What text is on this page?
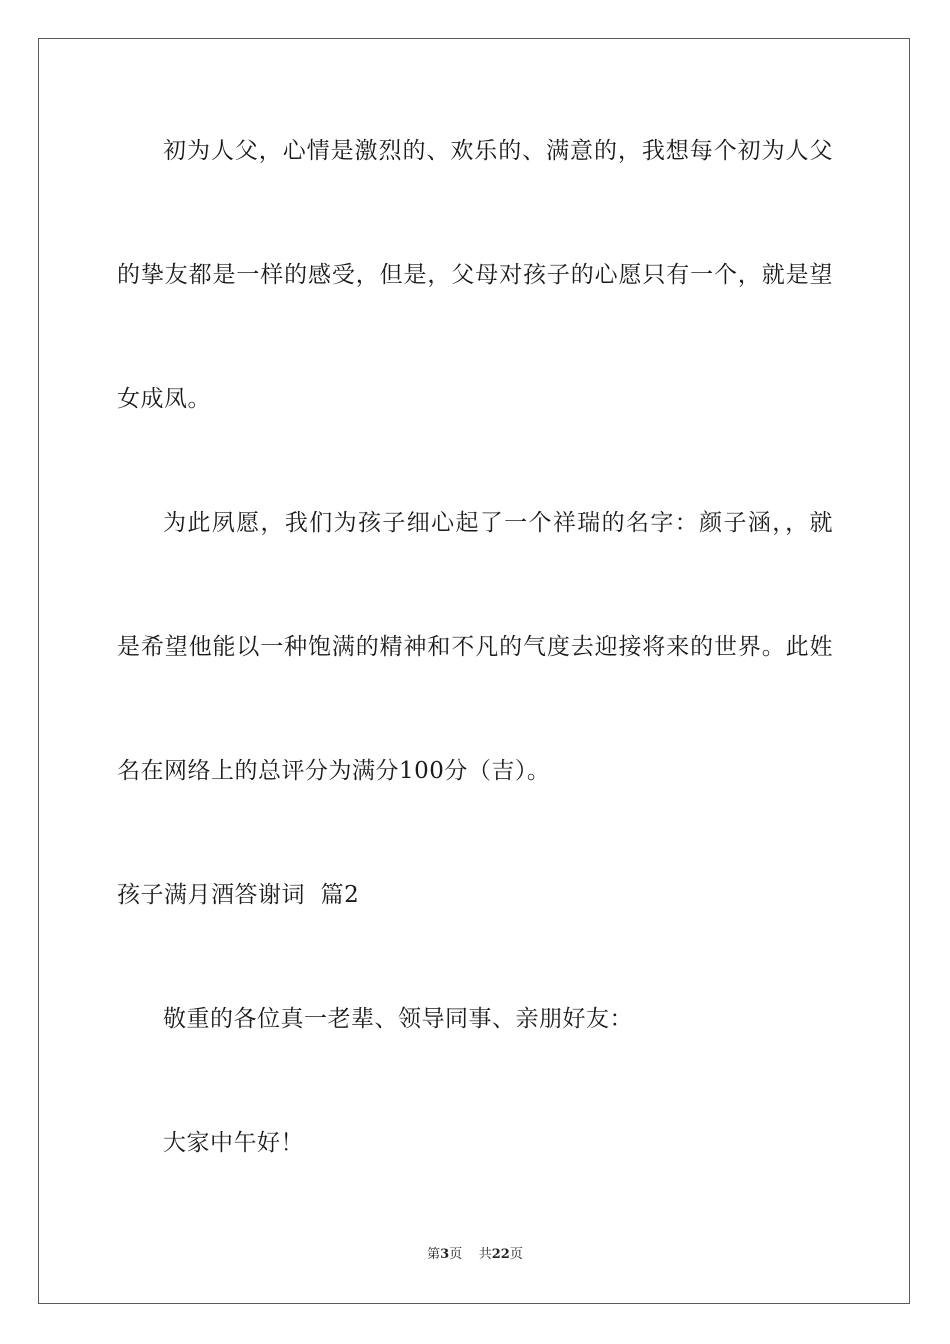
初为人父，心情是激烈的、欢乐的、满意的，我想每个初为人父
的挚友都是一样的感受，但是，父母对孩子的心愿只有一个，就是望
女成凤。
为此夙愿，我们为孩子细心起了一个祥瑞的名字：颜子涵，，就
是希望他能以一种饱满的精神和不凡的气度去迎接将来的世界。此姓
名在网络上的总评分为满分100分（吉）。
孩子满月酒答谢词  篇2
敬重的各位真一老辈、领导同事、亲朋好友：
大家中午好！
第3页 共22页
